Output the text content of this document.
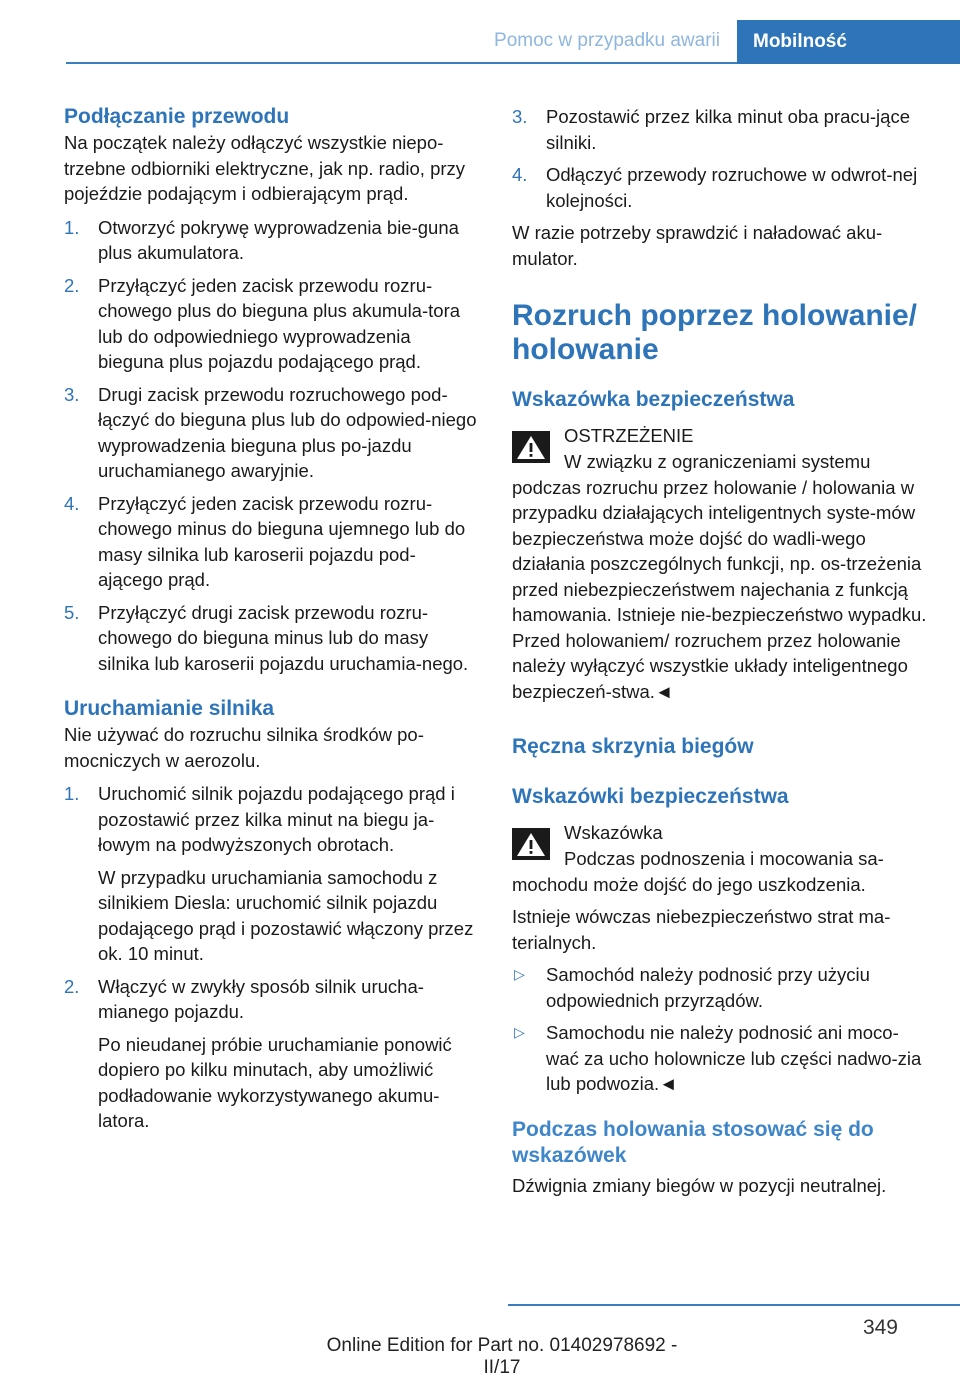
Pomoc w przypadku awarii Mobilność
Podłączanie przewodu

Na początek należy odłączyć wszystkie niepo-trzebne odbiorniki elektryczne, jak np. radio, przy pojeździe podającym i odbierającym prąd.

1. Otworzyć pokrywę wyprowadzenia bie-guna plus akumulatora.
2. Przyłączyć jeden zacisk przewodu rozru-chowego plus do bieguna plus akumula-tora lub do odpowiedniego wyprowadzenia bieguna plus pojazdu podającego prąd.
3. Drugi zacisk przewodu rozruchowego pod-łączyć do bieguna plus lub do odpowied-niego wyprowadzenia bieguna plus po-jazdu uruchamianego awaryjnie.
4. Przyłączyć jeden zacisk przewodu rozru-chowego minus do bieguna ujemnego lub do masy silnika lub karoserii pojazdu pod-ającego prąd.
5. Przyłączyć drugi zacisk przewodu rozru-chowego do bieguna minus lub do masy silnika lub karoserii pojazdu uruchamia-nego.
Uruchamianie silnika

Nie używać do rozruchu silnika środków po-mocniczych w aerozolu.

1. Uruchomić silnik pojazdu podającego prąd i pozostawić przez kilka minut na biegu ja-łowym na podwyższonych obrotach.
W przypadku uruchamiania samochodu z silnikiem Diesla: uruchomić silnik pojazdu podającego prąd i pozostawić włączony przez ok. 10 minut.
2. Włączyć w zwykły sposób silnik urucha-mianego pojazdu.
Po nieudanej próbie uruchamianie ponowić dopiero po kilku minutach, aby umożliwić podładowanie wykorzystywanego akumu-latora.
3. Pozostawić przez kilka minut oba pracu-jące silniki.
4. Odłączyć przewody rozruchowe w odwrot-nej kolejności.

W razie potrzeby sprawdzić i naładować aku-mulator.

Rozruch poprzez holowanie/ holowanie
Wskazówka bezpieczeństwa
OSTRZEŻENIE

W związku z ograniczeniami systemu podczas rozruchu przez holowanie / holowania w przypadku działających inteligentnych syste-mów bezpieczeństwa może dojść do wadli-wego działania poszczególnych funkcji, np. os-trzeżenia przed niebezpieczeństwem najechania z funkcją hamowania. Istnieje nie-bezpieczeństwo wypadku. Przed holowaniem/ rozruchem przez holowanie należy wyłączyć wszystkie układy inteligentnego bezpieczeń-stwa.◄

Ręczna skrzynia biegów
Wskazówki bezpieczeństwa
Wskazówka

Podczas podnoszenia i mocowania sa-mochodu może dojść do jego uszkodzenia.

Istnieje wówczas niebezpieczeństwo strat ma-terialnych.

▷ Samochód należy podnosić przy użyciu odpowiednich przyrządów.
▷ Samochodu nie należy podnosić ani moco-wać za ucho holownicze lub części nadwo-zia lub podwozia.◄
Podczas holowania stosować się do wskazówek

Dźwignia zmiany biegów w pozycji neutralnej.

349
Online Edition for Part no. 01402978692 - II/17
